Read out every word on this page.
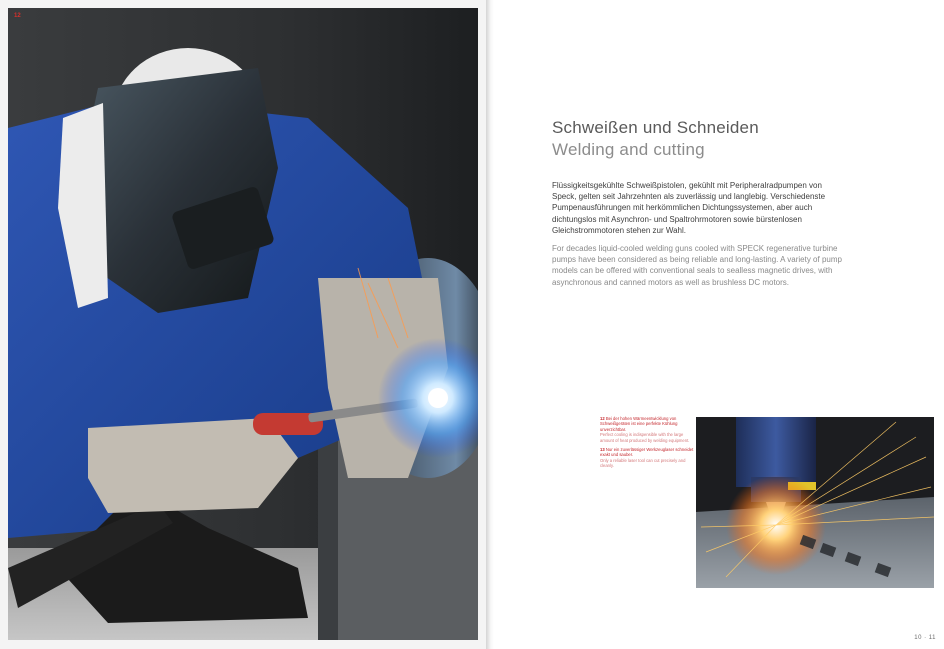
12
Schweißen und Schneiden
Welding and cutting

Flüssigkeitsgekühlte Schweißpistolen, gekühlt mit Peripheralradpumpen von Speck, gelten seit Jahrzehnten als zuverlässig und langlebig. Verschiedenste Pumpenausführungen mit herkömmlichen Dichtungssystemen, aber auch dichtungslos mit Asynchron- und Spaltrohrmotoren sowie bürstenlosen Gleichstrommotoren stehen zur Wahl.

For decades liquid-cooled welding guns cooled with SPECK regenerative turbine pumps have been considered as being reliable and long-lasting. A variety of pump models can be offered with conventional seals to sealless magnetic drives, with asynchronous and canned motors as well as brushless DC motors.

12 Bei der hohen Wärmeentwicklung von Schweißgeräten ist eine perfekte Kühlung unverzichtbar.
Perfect cooling is indispensible with the large amount of heat produced by welding equipment.
13 Nur ein zuverlässiger Werkzeuglaser schneidet exakt und sauber.
Only a reliable laser tool can cut precisely and cleanly.
10 · 11
